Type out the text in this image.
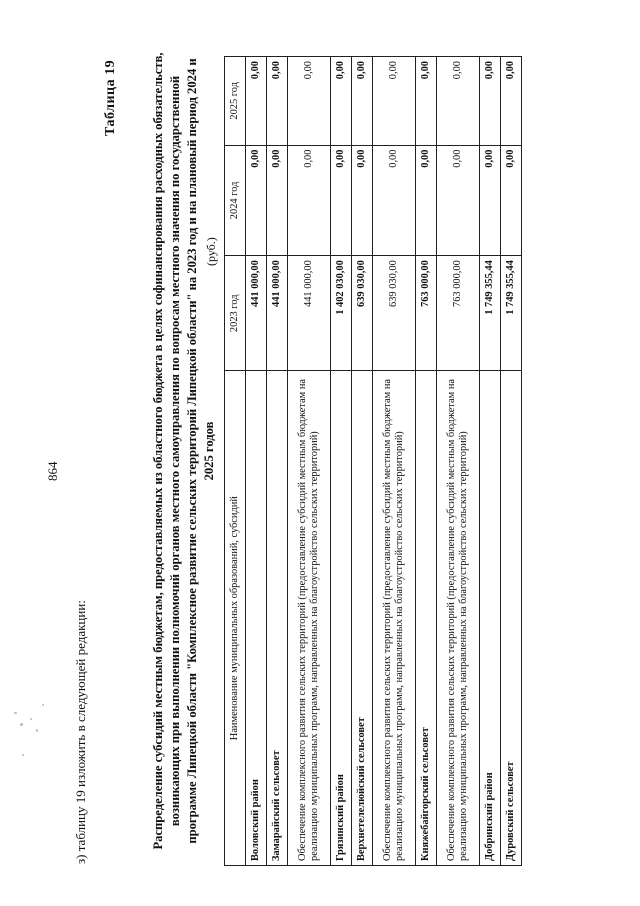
864
з) таблицу 19 изложить в следующей редакции:
Таблица 19	Распределение субсидий местным бюджетам, предоставляемых из областного бюджета в целях софинансирования расходных обязательств, возникающих при выполнении полномочий органов местного самоуправления по вопросам местного значения по государственной программе Липецкой области "Комплексное развитие сельских территорий Липецкой области" на 2023 год и на плановый период 2024 и 2025 годов
(руб.)
Наименование муниципальных образований, субсидий	2023 год	2024 год	2025 год
Воловский район	441 000,00	0,00	0,00
Замарайский сельсовет	441 000,00	0,00	0,00
Обеспечение комплексного развития сельских территорий (предоставление субсидий местным бюджетам на реализацию муниципальных программ, направленных на благоустройство сельских территорий)	441 000,00	0,00	0,00
Грязинский район	1 402 030,00	0,00	0,00
Верхнетелелюйский сельсовет	639 030,00	0,00	0,00
Обеспечение комплексного развития сельских территорий (предоставление субсидий местным бюджетам на реализацию муниципальных программ, направленных на благоустройство сельских территорий)	639 030,00	0,00	0,00
Княжебайгорский сельсовет	763 000,00	0,00	0,00
Обеспечение комплексного развития сельских территорий (предоставление субсидий местным бюджетам на реализацию муниципальных программ, направленных на благоустройство сельских территорий)	763 000,00	0,00	0,00
Добринский район	1 749 355,44	0,00	0,00
Дуровский сельсовет	1 749 355,44	0,00	0,00
